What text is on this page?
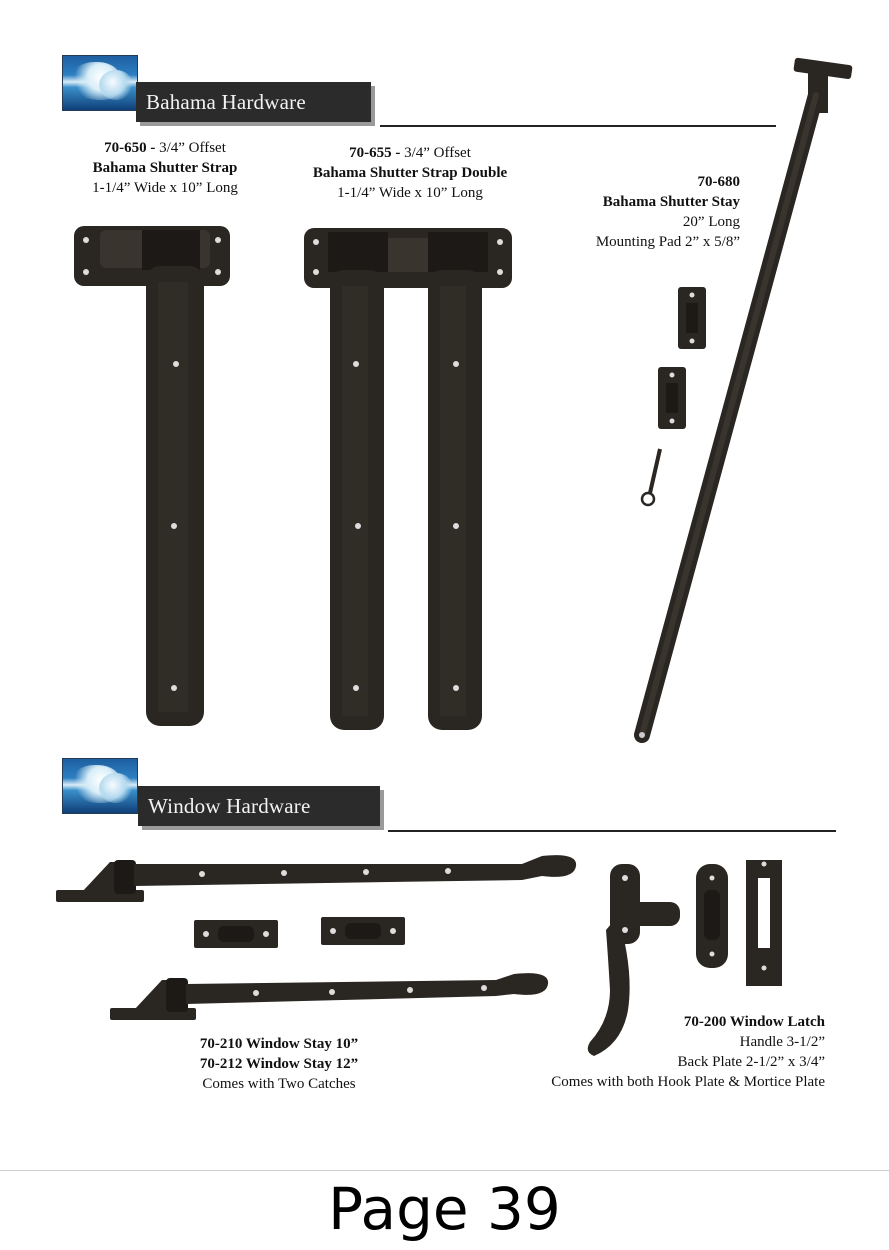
Bahama Hardware
70-650 - 3/4” Offset
Bahama Shutter Strap
1-1/4” Wide x 10” Long
70-655 - 3/4” Offset
Bahama Shutter Strap Double
1-1/4” Wide x 10” Long
70-680
Bahama Shutter Stay
20” Long
Mounting Pad 2” x 5/8”
Window Hardware
70-210 Window Stay 10”
70-212 Window Stay 12”
Comes with Two Catches
70-200 Window Latch
Handle 3-1/2”
Back Plate 2-1/2” x 3/4”
Comes with both Hook Plate & Mortice Plate
Page 39
